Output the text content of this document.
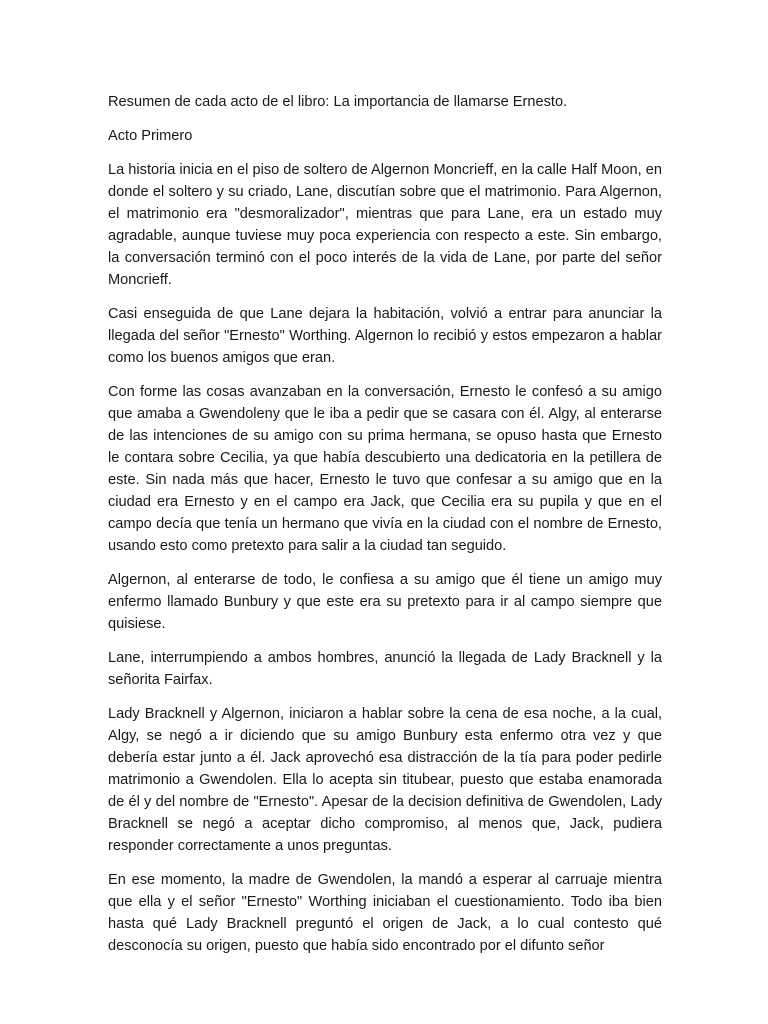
Resumen de cada acto de el libro: La importancia de llamarse Ernesto.

Acto Primero

La historia inicia en el piso de soltero de Algernon Moncrieff, en la calle Half Moon, en donde el soltero y su criado, Lane, discutían sobre que el matrimonio. Para Algernon, el matrimonio era "desmoralizador", mientras que para Lane, era un estado muy agradable, aunque tuviese muy poca experiencia con respecto a este. Sin embargo, la conversación terminó con el poco interés de la vida de Lane, por parte del señor Moncrieff.

Casi enseguida de que Lane dejara la habitación, volvió a entrar para anunciar la llegada del señor "Ernesto" Worthing. Algernon lo recibió y estos empezaron a hablar como los buenos amigos que eran.

Con forme las cosas avanzaban en la conversación, Ernesto le confesó a su amigo que amaba a Gwendoleny que le iba a pedir que se casara con él. Algy, al enterarse de las intenciones de su amigo con su prima hermana, se opuso hasta que Ernesto le contara sobre Cecilia, ya que había descubierto una dedicatoria en la petillera de este. Sin nada más que hacer, Ernesto le tuvo que confesar a su amigo que en la ciudad era Ernesto y en el campo era Jack, que Cecilia era su pupila y que en el campo decía que tenía un hermano que vivía en la ciudad con el nombre de Ernesto, usando esto como pretexto para salir a la ciudad tan seguido.

Algernon, al enterarse de todo, le confiesa a su amigo que él tiene un amigo muy enfermo llamado Bunbury y que este era su pretexto para ir al campo siempre que quisiese.

Lane, interrumpiendo a ambos hombres, anunció la llegada de Lady Bracknell y la señorita Fairfax.

Lady Bracknell y Algernon, iniciaron a hablar sobre la cena de esa noche, a la cual, Algy, se negó a ir diciendo que su amigo Bunbury esta enfermo otra vez y que debería estar junto a él. Jack aprovechó esa distracción de la tía para poder pedirle matrimonio a Gwendolen. Ella lo acepta sin titubear, puesto que estaba enamorada de él y del nombre de "Ernesto". Apesar de la decision definitiva de Gwendolen, Lady Bracknell se negó a aceptar dicho compromiso, al menos que, Jack, pudiera responder correctamente a unos preguntas.

En ese momento, la madre de Gwendolen, la mandó a esperar al carruaje mientra que ella y el señor "Ernesto" Worthing iniciaban el cuestionamiento. Todo iba bien hasta qué Lady Bracknell preguntó el origen de Jack, a lo cual contesto qué desconocía su origen, puesto que había sido encontrado por el difunto señor
